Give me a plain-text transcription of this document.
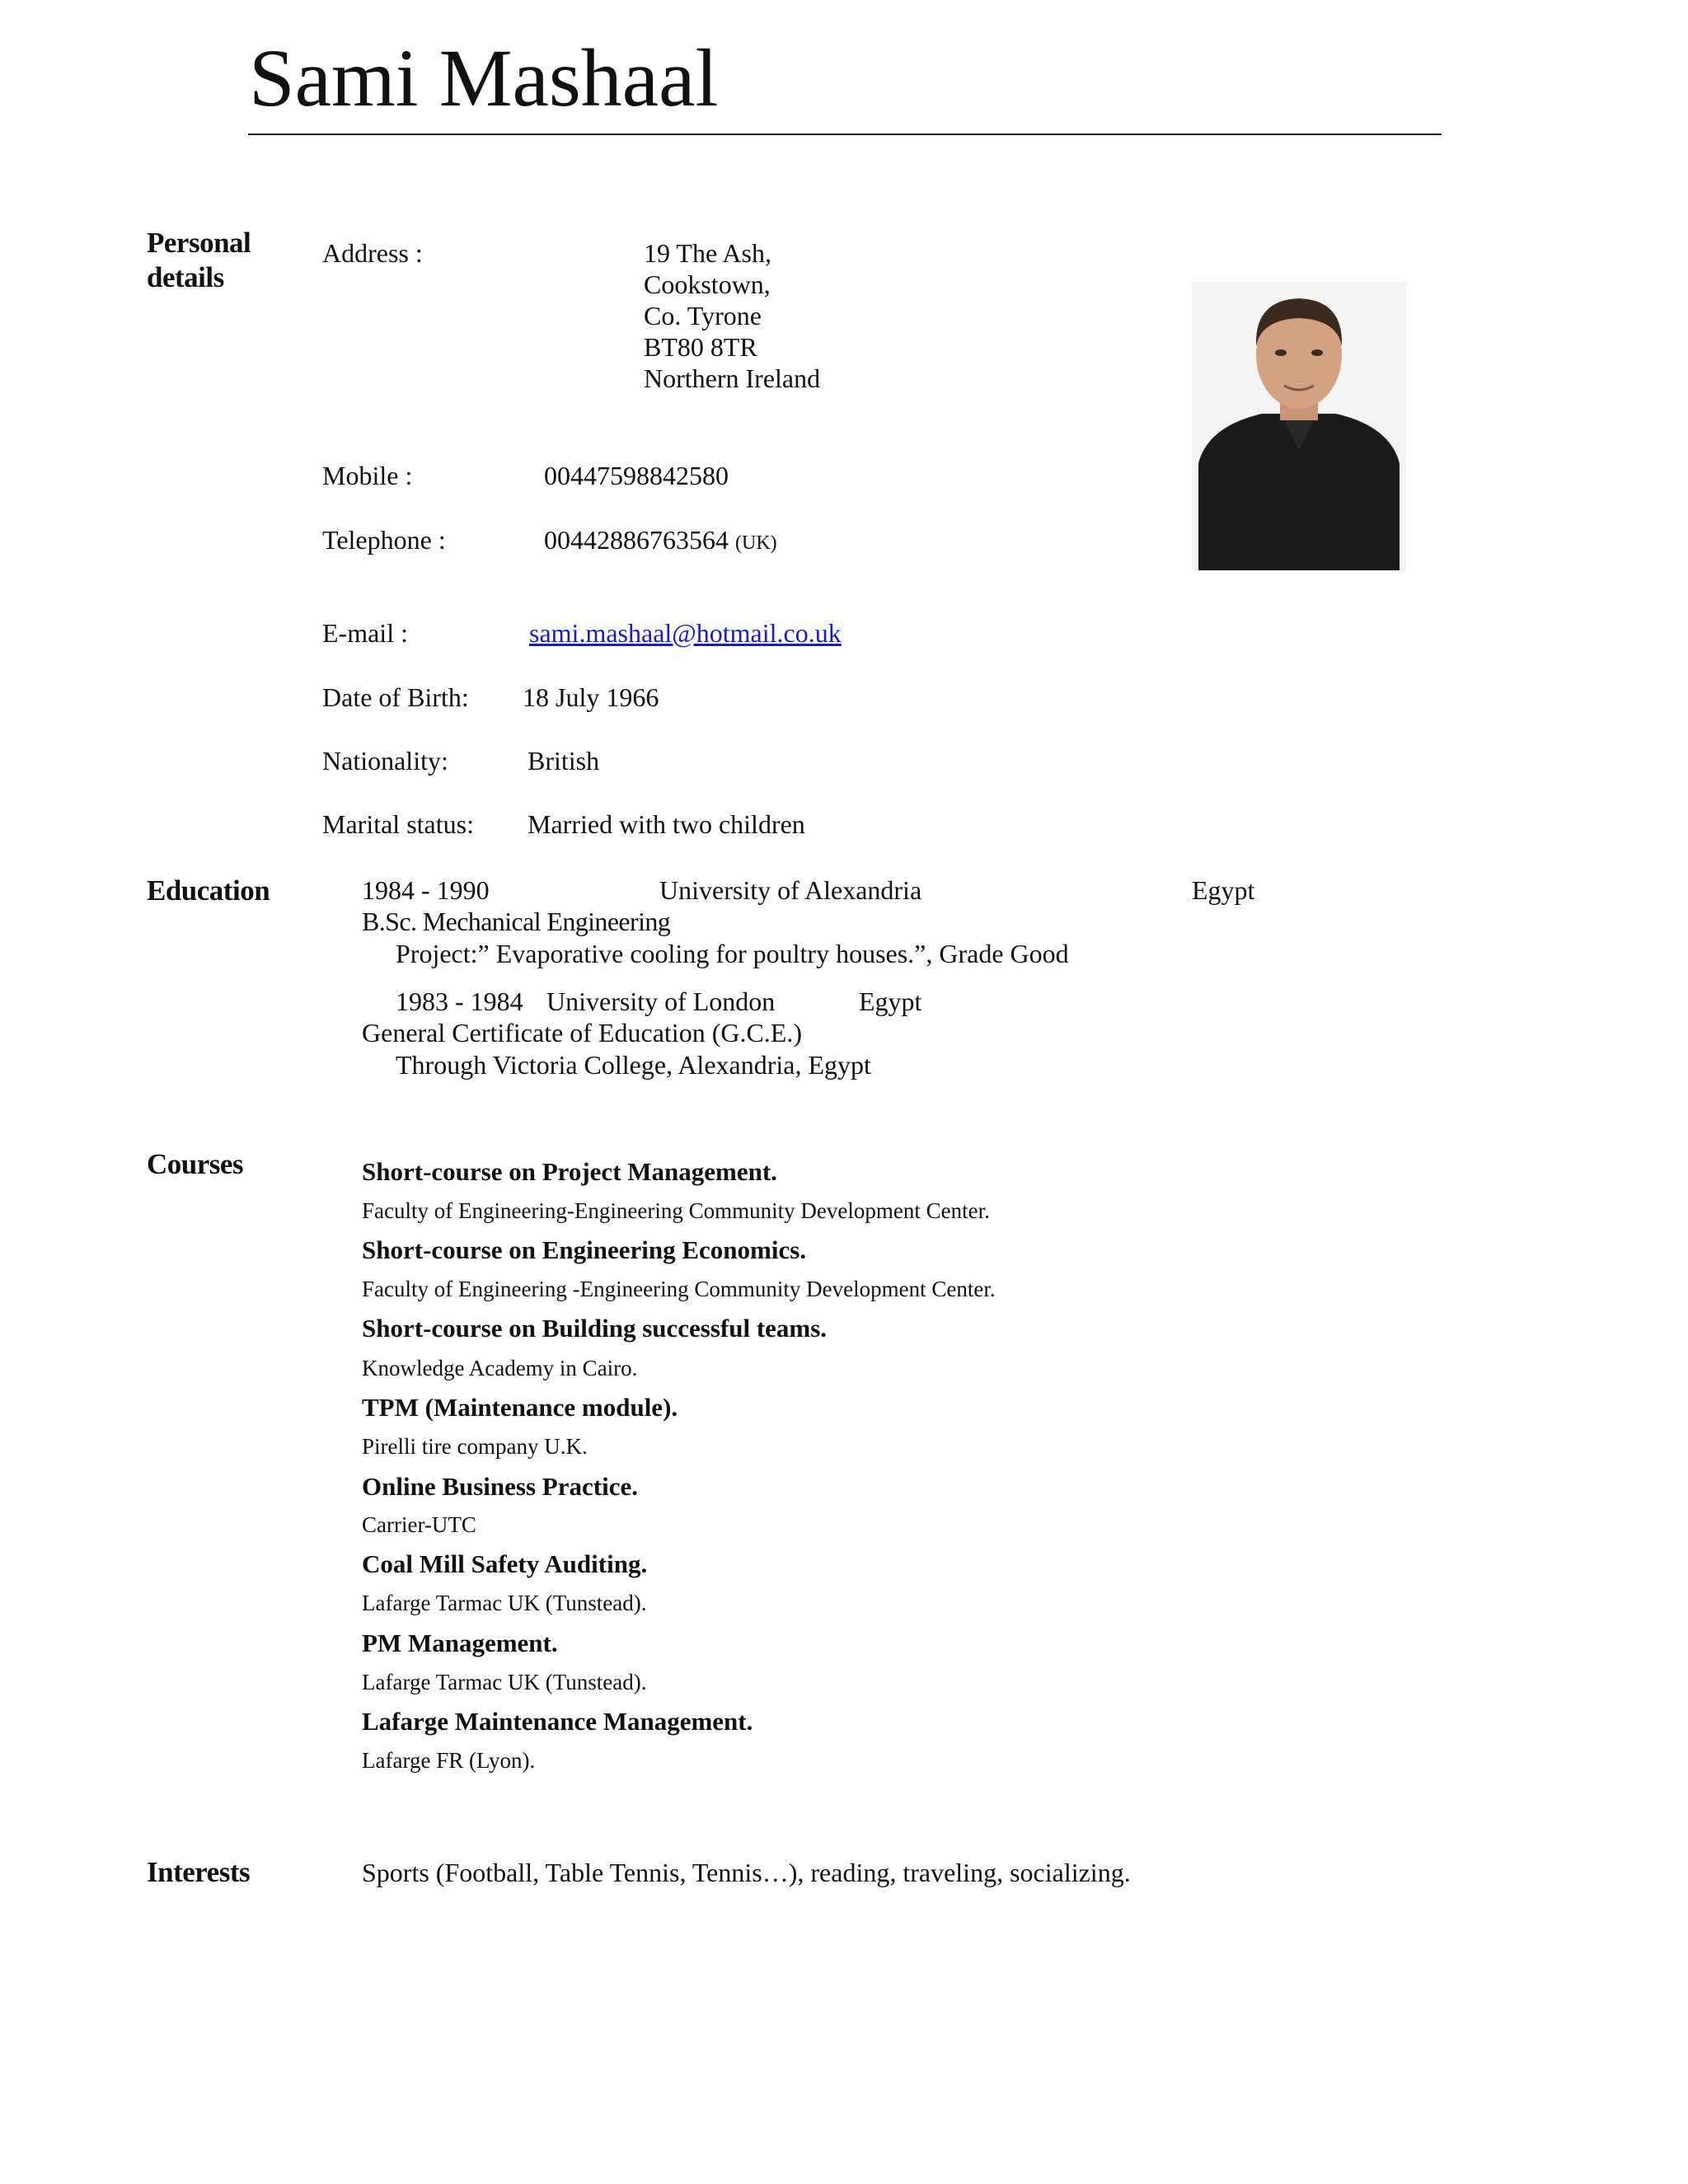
Sami Mashaal
Personal
details
Address :	19 The Ash,
Cookstown,
Co. Tyrone
BT80 8TR
Northern Ireland
Mobile :	00447598842580
Telephone :	00442886763564 (UK)
E-mail :	sami.mashaal@hotmail.co.uk
Date of Birth: 18 July 1966
Nationality:	British
Marital status: Married with two children
Education	1984 - 1990	University of Alexandria	Egypt
B.Sc. Mechanical Engineering
Project:” Evaporative cooling for poultry houses.”, Grade Good
1983 - 1984 University of London	Egypt
General Certificate of Education (G.C.E.)
Through Victoria College, Alexandria, Egypt
Courses	Short-course on Project Management.
Faculty of Engineering-Engineering Community Development Center.
Short-course on Engineering Economics.
Faculty of Engineering -Engineering Community Development Center.
Short-course on Building successful teams.
Knowledge Academy in Cairo.
TPM (Maintenance module).
Pirelli tire company U.K.
Online Business Practice.
Carrier-UTC
Coal Mill Safety Auditing.
Lafarge Tarmac UK (Tunstead).
PM Management.
Lafarge Tarmac UK (Tunstead).
Lafarge Maintenance Management.
Lafarge FR (Lyon).
Interests	Sports (Football, Table Tennis, Tennis…), reading, traveling, socializing.
